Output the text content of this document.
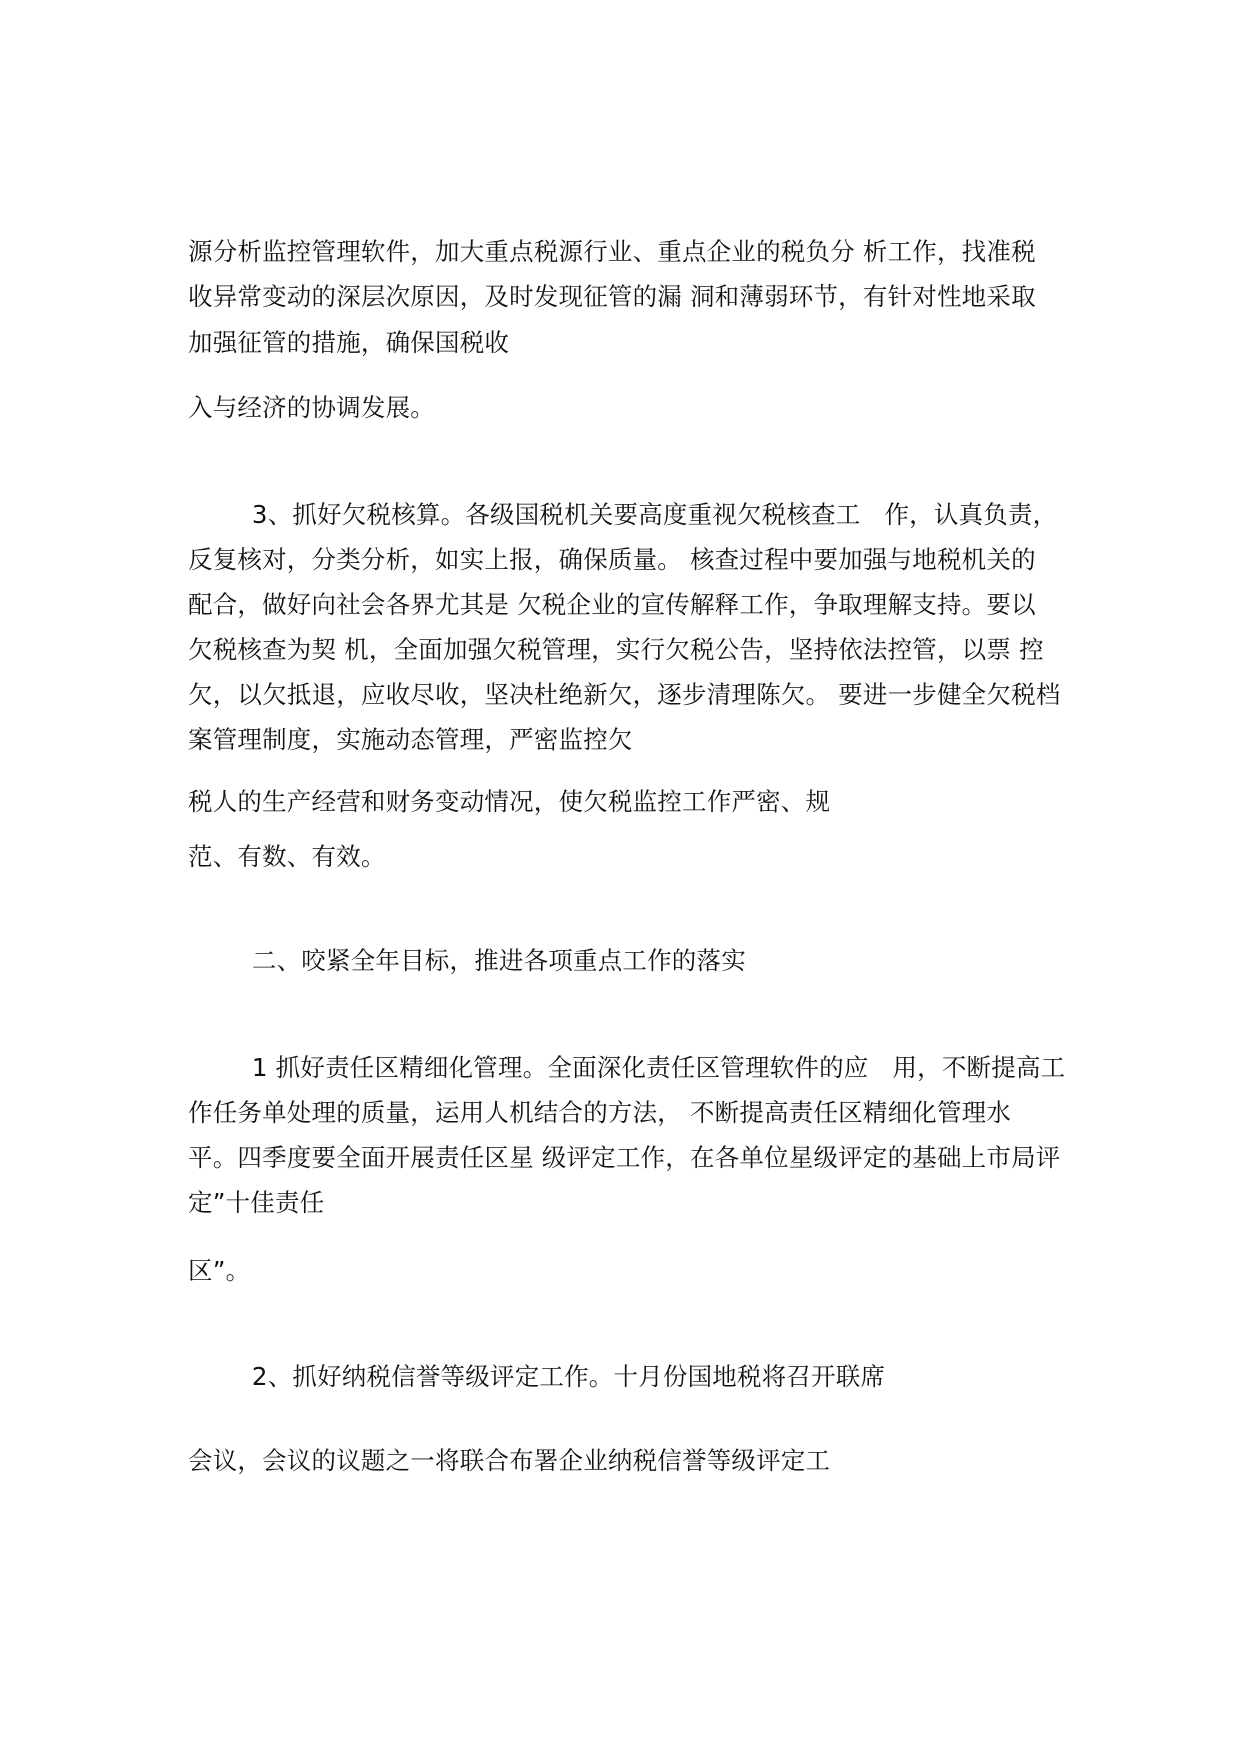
源分析监控管理软件，加大重点税源行业、重点企业的税负分 析工作，找准税
收异常变动的深层次原因，及时发现征管的漏 洞和薄弱环节，有针对性地采取
加强征管的措施，确保国税收
入与经济的协调发展。
3、抓好欠税核算。各级国税机关要高度重视欠税核查工   作，认真负责，
反复核对，分类分析，如实上报，确保质量。 核查过程中要加强与地税机关的
配合，做好向社会各界尤其是 欠税企业的宣传解释工作，争取理解支持。要以
欠税核查为契 机，全面加强欠税管理，实行欠税公告，坚持依法控管，以票 控
欠，以欠抵退，应收尽收，坚决杜绝新欠，逐步清理陈欠。 要进一步健全欠税档
案管理制度，实施动态管理，严密监控欠
税人的生产经营和财务变动情况，使欠税监控工作严密、规
范、有数、有效。
二、咬紧全年目标，推进各项重点工作的落实
1 抓好责任区精细化管理。全面深化责任区管理软件的应   用，不断提高工
作任务单处理的质量，运用人机结合的方法， 不断提高责任区精细化管理水
平。四季度要全面开展责任区星 级评定工作，在各单位星级评定的基础上市局评
定”十佳责任
区”。
2、抓好纳税信誉等级评定工作。十月份国地税将召开联席
会议，会议的议题之一将联合布署企业纳税信誉等级评定工
